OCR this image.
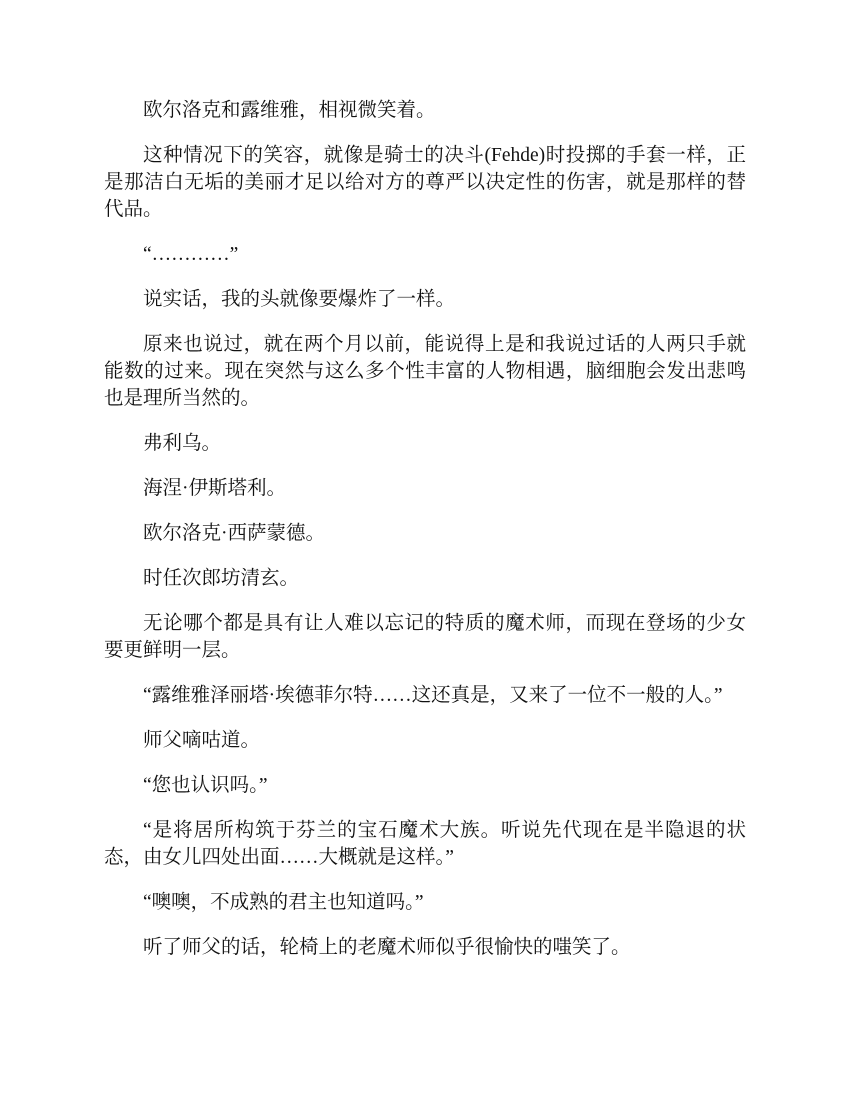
欧尔洛克和露维雅，相视微笑着。

这种情况下的笑容，就像是骑士的决斗(Fehde)时投掷的手套一样，正是那洁白无垢的美丽才足以给对方的尊严以决定性的伤害，就是那样的替代品。

“…………”

说实话，我的头就像要爆炸了一样。

原来也说过，就在两个月以前，能说得上是和我说过话的人两只手就能数的过来。现在突然与这么多个性丰富的人物相遇，脑细胞会发出悲鸣也是理所当然的。

弗利乌。

海涅·伊斯塔利。

欧尔洛克·西萨蒙德。

时任次郎坊清玄。

无论哪个都是具有让人难以忘记的特质的魔术师，而现在登场的少女要更鲜明一层。

“露维雅泽丽塔·埃德菲尔特……这还真是，又来了一位不一般的人。”

师父嘀咕道。

“您也认识吗。”

“是将居所构筑于芬兰的宝石魔术大族。听说先代现在是半隐退的状态，由女儿四处出面……大概就是这样。”

“噢噢，不成熟的君主也知道吗。”

听了师父的话，轮椅上的老魔术师似乎很愉快的嗤笑了。
